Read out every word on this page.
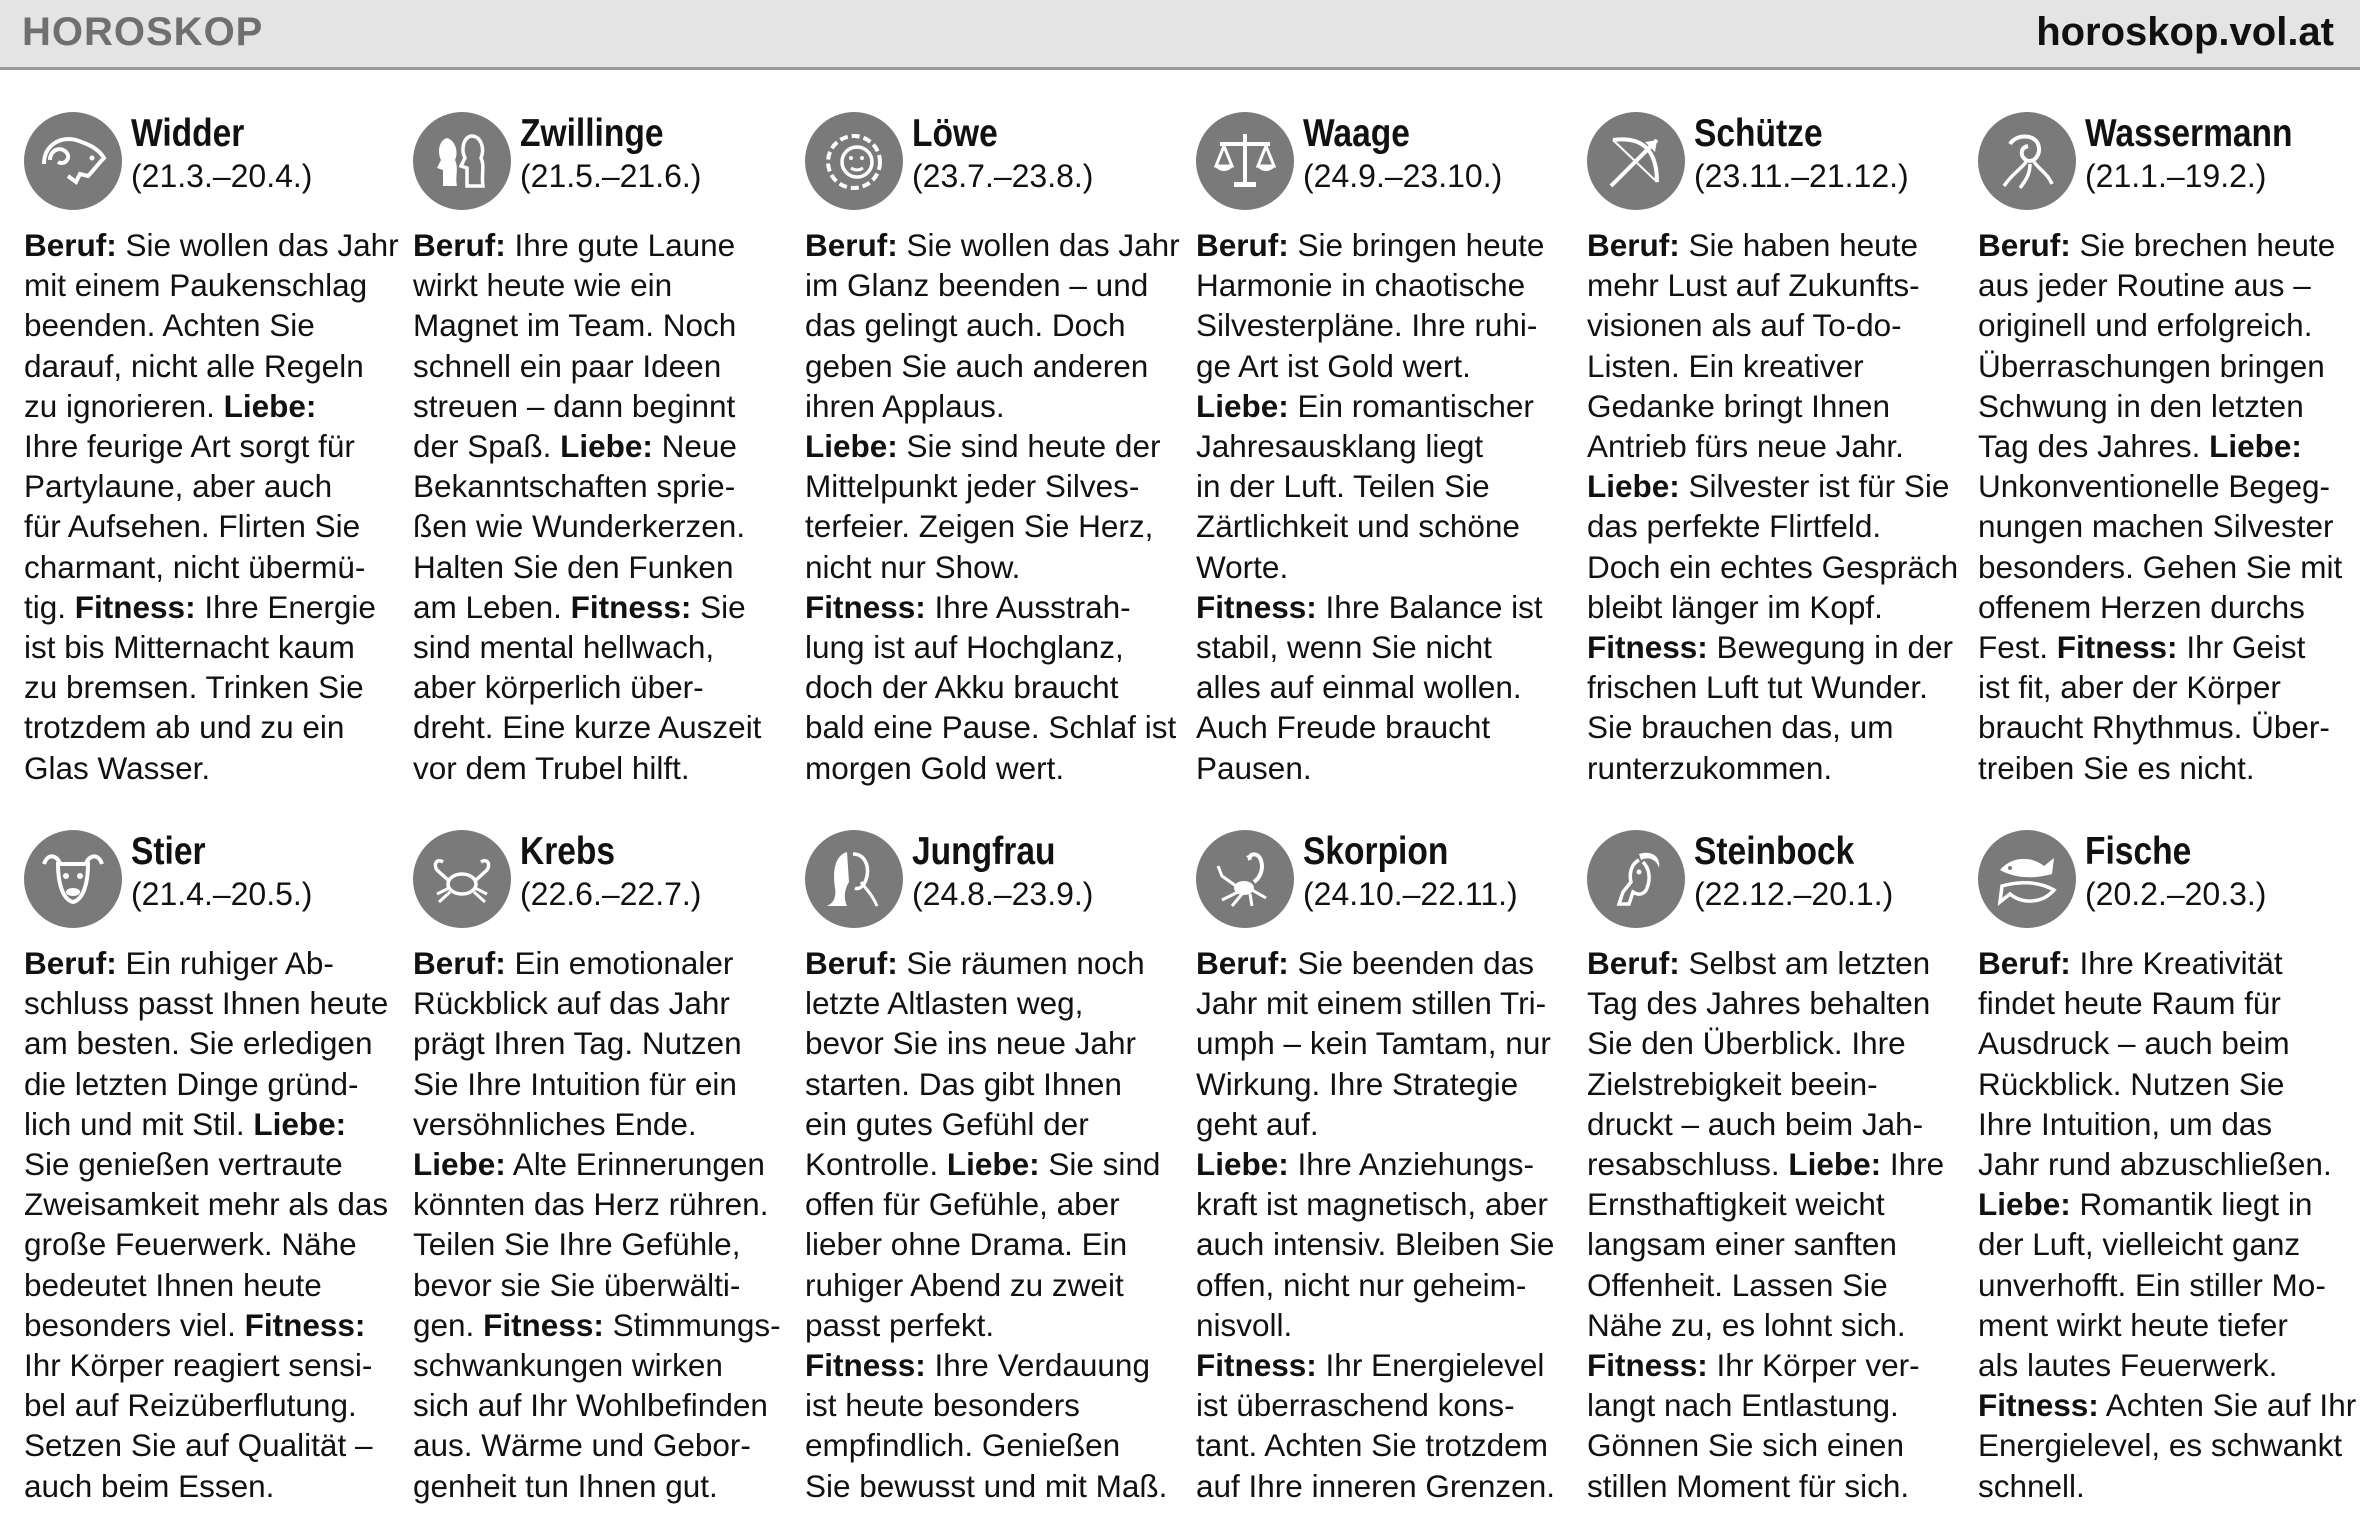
HOROSKOP	horoskop.vol.at
Widder
(21.3.–20.4.)
Beruf: Sie wollen das Jahr
mit einem Paukenschlag
beenden. Achten Sie
darauf, nicht alle Regeln
zu ignorieren. Liebe:
Ihre feurige Art sorgt für
Partylaune, aber auch
für Aufsehen. Flirten Sie
charmant, nicht übermü-
tig. Fitness: Ihre Energie
ist bis Mitternacht kaum
zu bremsen. Trinken Sie
trotzdem ab und zu ein
Glas Wasser.
Zwillinge
(21.5.–21.6.)
Beruf: Ihre gute Laune
wirkt heute wie ein
Magnet im Team. Noch
schnell ein paar Ideen
streuen – dann beginnt
der Spaß. Liebe: Neue
Bekanntschaften sprie-
ßen wie Wunderkerzen.
Halten Sie den Funken
am Leben. Fitness: Sie
sind mental hellwach,
aber körperlich über-
dreht. Eine kurze Auszeit
vor dem Trubel hilft.
Löwe
(23.7.–23.8.)
Beruf: Sie wollen das Jahr
im Glanz beenden – und
das gelingt auch. Doch
geben Sie auch anderen
ihren Applaus.
Liebe: Sie sind heute der
Mittelpunkt jeder Silves-
terfeier. Zeigen Sie Herz,
nicht nur Show.
Fitness: Ihre Ausstrah-
lung ist auf Hochglanz,
doch der Akku braucht
bald eine Pause. Schlaf ist
morgen Gold wert.
Waage
(24.9.–23.10.)
Beruf: Sie bringen heute
Harmonie in chaotische
Silvesterpläne. Ihre ruhi-
ge Art ist Gold wert.
Liebe: Ein romantischer
Jahresausklang liegt
in der Luft. Teilen Sie
Zärtlichkeit und schöne
Worte.
Fitness: Ihre Balance ist
stabil, wenn Sie nicht
alles auf einmal wollen.
Auch Freude braucht
Pausen.
Schütze
(23.11.–21.12.)
Beruf: Sie haben heute
mehr Lust auf Zukunfts-
visionen als auf To-do-
Listen. Ein kreativer
Gedanke bringt Ihnen
Antrieb fürs neue Jahr.
Liebe: Silvester ist für Sie
das perfekte Flirtfeld.
Doch ein echtes Gespräch
bleibt länger im Kopf.
Fitness: Bewegung in der
frischen Luft tut Wunder.
Sie brauchen das, um
runterzukommen.
Wassermann
(21.1.–19.2.)
Beruf: Sie brechen heute
aus jeder Routine aus –
originell und erfolgreich.
Überraschungen bringen
Schwung in den letzten
Tag des Jahres. Liebe:
Unkonventionelle Begeg-
nungen machen Silvester
besonders. Gehen Sie mit
offenem Herzen durchs
Fest. Fitness: Ihr Geist
ist fit, aber der Körper
braucht Rhythmus. Über-
treiben Sie es nicht.
Stier
(21.4.–20.5.)
Beruf: Ein ruhiger Ab-
schluss passt Ihnen heute
am besten. Sie erledigen
die letzten Dinge gründ-
lich und mit Stil. Liebe:
Sie genießen vertraute
Zweisamkeit mehr als das
große Feuerwerk. Nähe
bedeutet Ihnen heute
besonders viel. Fitness:
Ihr Körper reagiert sensi-
bel auf Reizüberflutung.
Setzen Sie auf Qualität –
auch beim Essen.
Krebs
(22.6.–22.7.)
Beruf: Ein emotionaler
Rückblick auf das Jahr
prägt Ihren Tag. Nutzen
Sie Ihre Intuition für ein
versöhnliches Ende.
Liebe: Alte Erinnerungen
könnten das Herz rühren.
Teilen Sie Ihre Gefühle,
bevor sie Sie überwälti-
gen. Fitness: Stimmungs-
schwankungen wirken
sich auf Ihr Wohlbefinden
aus. Wärme und Gebor-
genheit tun Ihnen gut.
Jungfrau
(24.8.–23.9.)
Beruf: Sie räumen noch
letzte Altlasten weg,
bevor Sie ins neue Jahr
starten. Das gibt Ihnen
ein gutes Gefühl der
Kontrolle. Liebe: Sie sind
offen für Gefühle, aber
lieber ohne Drama. Ein
ruhiger Abend zu zweit
passt perfekt.
Fitness: Ihre Verdauung
ist heute besonders
empfindlich. Genießen
Sie bewusst und mit Maß.
Skorpion
(24.10.–22.11.)
Beruf: Sie beenden das
Jahr mit einem stillen Tri-
umph – kein Tamtam, nur
Wirkung. Ihre Strategie
geht auf.
Liebe: Ihre Anziehungs-
kraft ist magnetisch, aber
auch intensiv. Bleiben Sie
offen, nicht nur geheim-
nisvoll.
Fitness: Ihr Energielevel
ist überraschend kons-
tant. Achten Sie trotzdem
auf Ihre inneren Grenzen.
Steinbock
(22.12.–20.1.)
Beruf: Selbst am letzten
Tag des Jahres behalten
Sie den Überblick. Ihre
Zielstrebigkeit beein-
druckt – auch beim Jah-
resabschluss. Liebe: Ihre
Ernsthaftigkeit weicht
langsam einer sanften
Offenheit. Lassen Sie
Nähe zu, es lohnt sich.
Fitness: Ihr Körper ver-
langt nach Entlastung.
Gönnen Sie sich einen
stillen Moment für sich.
Fische
(20.2.–20.3.)
Beruf: Ihre Kreativität
findet heute Raum für
Ausdruck – auch beim
Rückblick. Nutzen Sie
Ihre Intuition, um das
Jahr rund abzuschließen.
Liebe: Romantik liegt in
der Luft, vielleicht ganz
unverhofft. Ein stiller Mo-
ment wirkt heute tiefer
als lautes Feuerwerk.
Fitness: Achten Sie auf Ihr
Energielevel, es schwankt
schnell.
